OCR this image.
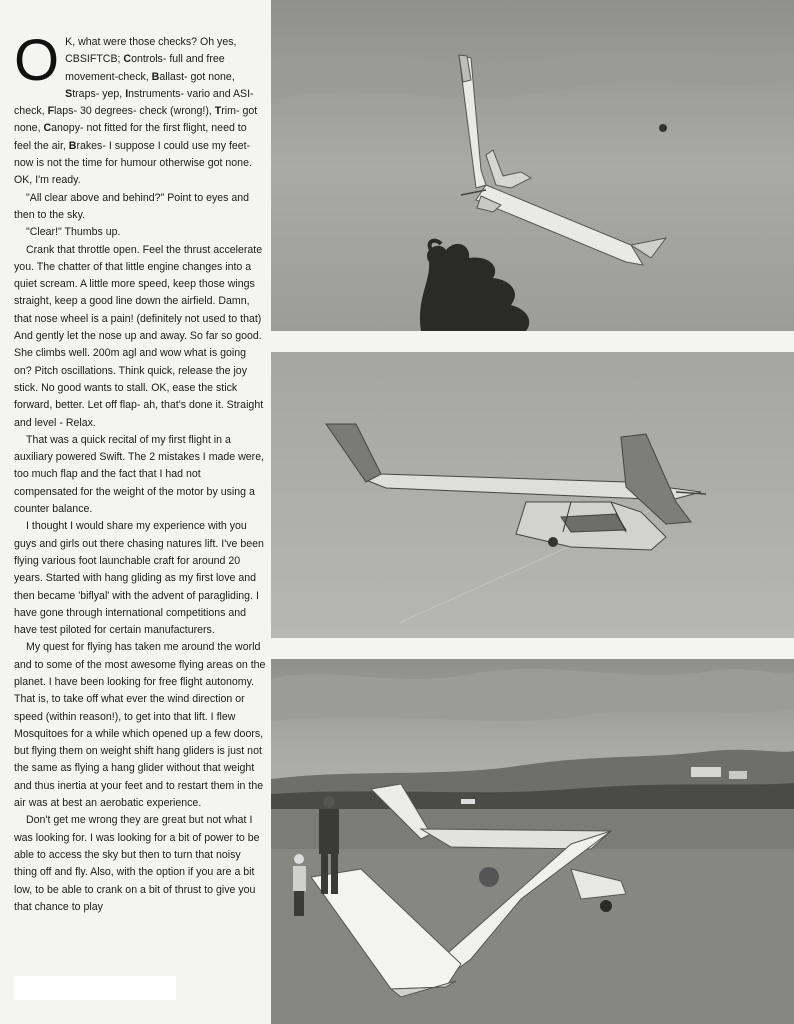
O K, what were those checks? Oh yes, CBSIFTCB; Controls- full and free movement-check, Ballast- got none, Straps- yep, Instruments- vario and ASI- check, Flaps- 30 degrees- check (wrong!), Trim- got none, Canopy- not fitted for the first flight, need to feel the air, Brakes- I suppose I could use my feet- now is not the time for humour otherwise got none. OK, I'm ready.

"All clear above and behind?" Point to eyes and then to the sky.

"Clear!" Thumbs up.

Crank that throttle open. Feel the thrust accelerate you. The chatter of that little engine changes into a quiet scream. A little more speed, keep those wings straight, keep a good line down the airfield. Damn, that nose wheel is a pain! (definitely not used to that) And gently let the nose up and away. So far so good. She climbs well. 200m agl and wow what is going on? Pitch oscillations. Think quick, release the joy stick. No good wants to stall. OK, ease the stick forward, better. Let off flap- ah, that's done it. Straight and level - Relax.

That was a quick recital of my first flight in a auxiliary powered Swift. The 2 mistakes I made were, too much flap and the fact that I had not compensated for the weight of the motor by using a counter balance.

I thought I would share my experience with you guys and girls out there chasing natures lift. I've been flying various foot launchable craft for around 20 years. Started with hang gliding as my first love and then became 'biflyal' with the advent of paragliding. I have gone through international competitions and have test piloted for certain manufacturers.

My quest for flying has taken me around the world and to some of the most awesome flying areas on the planet. I have been looking for free flight autonomy. That is, to take off what ever the wind direction or speed (within reason!), to get into that lift. I flew Mosquitoes for a while which opened up a few doors, but flying them on weight shift hang gliders is just not the same as flying a hang glider without that weight and thus inertia at your feet and to restart them in the air was at best an aerobatic experience.

Don't get me wrong they are great but not what I was looking for. I was looking for a bit of power to be able to access the sky but then to turn that noisy thing off and fly. Also, with the option if you are a bit low, to be able to crank on a bit of thrust to give you that chance to play
